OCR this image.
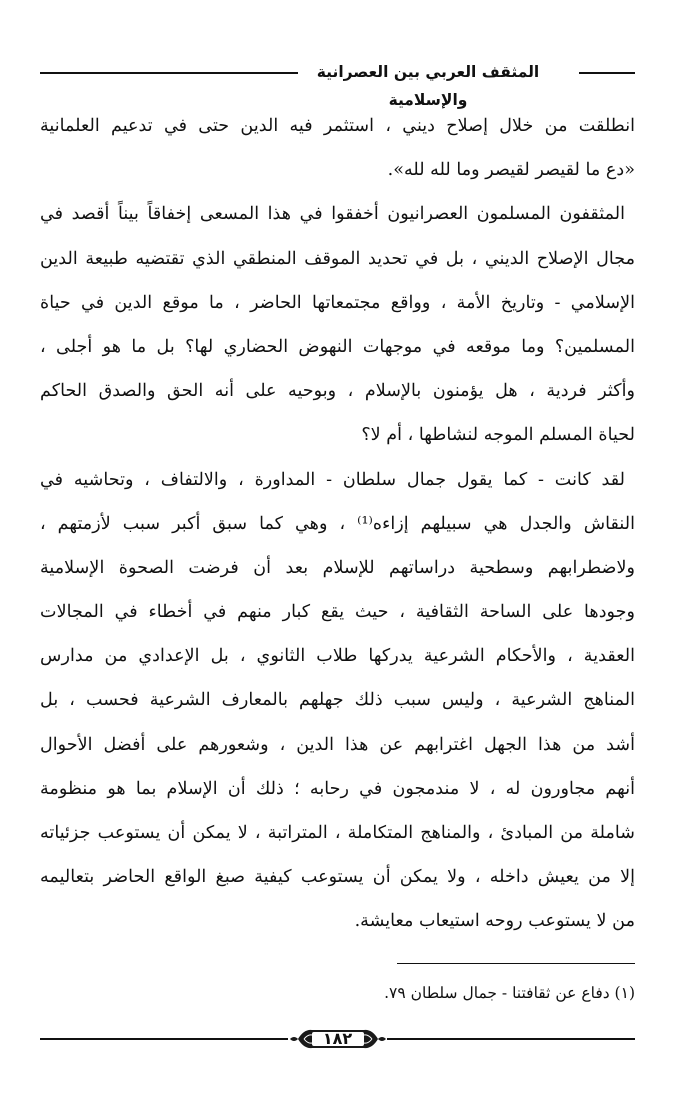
المثقف العربي بين العصرانية والإسلامية
انطلقت من خلال إصلاح ديني ، استثمر فيه الدين حتى في تدعيم العلمانية
«دع ما لقيصر لقيصر وما لله لله».
المثقفون المسلمون العصرانيون أخفقوا في هذا المسعى إخفاقاً بيناً أقصد في
مجال الإصلاح الديني ، بل في تحديد الموقف المنطقي الذي تقتضيه طبيعة الدين
الإسلامي - وتاريخ الأمة ، وواقع مجتمعاتها الحاضر ، ما موقع الدين في حياة
المسلمين؟ وما موقعه في موجهات النهوض الحضاري لها؟ بل ما هو أجلى ،
وأكثر فردية ، هل يؤمنون بالإسلام ، وبوحيه على أنه الحق والصدق الحاكم
لحياة المسلم الموجه لنشاطها ، أم لا؟
لقد كانت - كما يقول جمال سلطان - المداورة ، والالتفاف ، وتحاشيه في
النقاش والجدل هي سبيلهم إزاءه⁽¹⁾ ، وهي كما سبق أكبر سبب لأزمتهم ،
ولاضطرابهم وسطحية دراساتهم للإسلام بعد أن فرضت الصحوة الإسلامية
وجودها على الساحة الثقافية ، حيث يقع كبار منهم في أخطاء في المجالات
العقدية ، والأحكام الشرعية يدركها طلاب الثانوي ، بل الإعدادي من مدارس
المناهج الشرعية ، وليس سبب ذلك جهلهم بالمعارف الشرعية فحسب ، بل
أشد من هذا الجهل اغترابهم عن هذا الدين ، وشعورهم على أفضل الأحوال
أنهم مجاورون له ، لا مندمجون في رحابه ؛ ذلك أن الإسلام بما هو منظومة
شاملة من المبادئ ، والمناهج المتكاملة ، المتراتبة ، لا يمكن أن يستوعب جزئياته
إلا من يعيش داخله ، ولا يمكن أن يستوعب كيفية صبغ الواقع الحاضر بتعاليمه
من لا يستوعب روحه استيعاب معايشة.
(١) دفاع عن ثقافتنا - جمال سلطان ٧٩.
١٨٢
